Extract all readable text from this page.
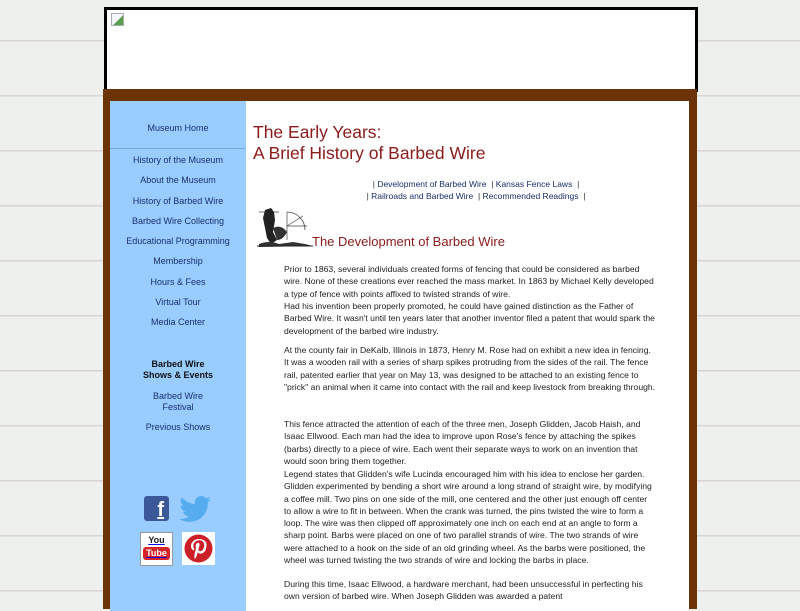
Museum Home
History of the Museum
About the Museum
History of Barbed Wire
Barbed Wire Collecting
Educational Programming
Membership
Hours & Fees
Virtual Tour
Media Center
Barbed Wire
Shows & Events
Barbed Wire
Festival
Previous Shows
f
You
Tube
The Early Years:
A Brief History of Barbed Wire
| Development of Barbed Wire | Kansas Fence Laws |
| Railroads and Barbed Wire | Recommended Readings |
The Development of Barbed Wire

Prior to 1863, several individuals created forms of fencing that could be considered as barbed wire. None of these creations ever reached the mass market. In 1863 by Michael Kelly developed a type of fence with points affixed to twisted strands of wire.

Had his invention been properly promoted, he could have gained distinction as the Father of Barbed Wire. It wasn't until ten years later that another inventor filed a patent that would spark the development of the barbed wire industry.

At the county fair in DeKalb, Illinois in 1873, Henry M. Rose had on exhibit a new idea in fencing. It was a wooden rail with a series of sharp spikes protruding from the sides of the rail. The fence rail, patented earlier that year on May 13, was designed to be attached to an existing fence to "prick" an animal when it came into contact with the rail and keep livestock from breaking through.

This fence attracted the attention of each of the three men, Joseph Glidden, Jacob Haish, and Isaac Ellwood. Each man had the idea to improve upon Rose's fence by attaching the spikes (barbs) directly to a piece of wire. Each went their separate ways to work on an invention that would soon bring them together.

Legend states that Glidden's wife Lucinda encouraged him with his idea to enclose her garden. Glidden experimented by bending a short wire around a long strand of straight wire, by modifying a coffee mill. Two pins on one side of the mill, one centered and the other just enough off center to allow a wire to fit in between. When the crank was turned, the pins twisted the wire to form a loop. The wire was then clipped off approximately one inch on each end at an angle to form a sharp point. Barbs were placed on one of two parallel strands of wire. The two strands of wire were attached to a hook on the side of an old grinding wheel. As the barbs were positioned, the wheel was turned twisting the two strands of wire and locking the barbs in place.

During this time, Isaac Ellwood, a hardware merchant, had been unsuccessful in perfecting his own version of barbed wire. When Joseph Glidden was awarded a patent
